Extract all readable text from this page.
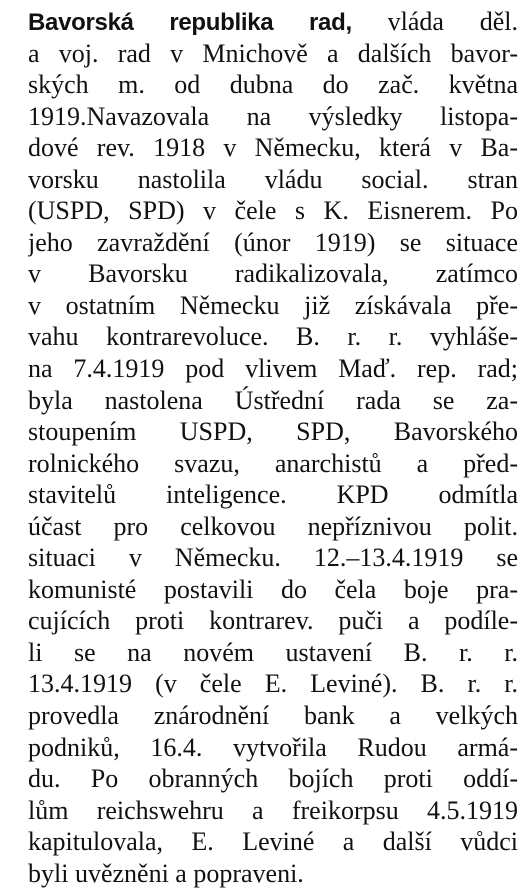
Bavorská republika rad, vláda děl.
a voj. rad v Mnichově a dalších bavor-
ských m. od dubna do zač. května
1919.Navazovala na výsledky listopa-
dové rev. 1918 v Německu, která v Ba-
vorsku nastolila vládu social. stran
(USPD, SPD) v čele s K. Eisnerem. Po
jeho zavraždění (únor 1919) se situace
v Bavorsku radikalizovala, zatímco
v ostatním Německu již získávala pře-
vahu kontrarevoluce. B. r. r. vyhláše-
na 7.4.1919 pod vlivem Maď. rep. rad;
byla nastolena Ústřední rada se za-
stoupením USPD, SPD, Bavorského
rolnického svazu, anarchistů a před-
stavitelů inteligence. KPD odmítla
účast pro celkovou nepříznivou polit.
situaci v Německu. 12.–13.4.1919 se
komunisté postavili do čela boje pra-
cujících proti kontrarev. puči a podíle-
li se na novém ustavení B. r. r.
13.4.1919 (v čele E. Leviné). B. r. r.
provedla znárodnění bank a velkých
podniků, 16.4. vytvořila Rudou armá-
du. Po obranných bojích proti oddí-
lům reichswehru a freikorpsu 4.5.1919
kapitulovala, E. Leviné a další vůdci
byli uvězněni a popraveni.
